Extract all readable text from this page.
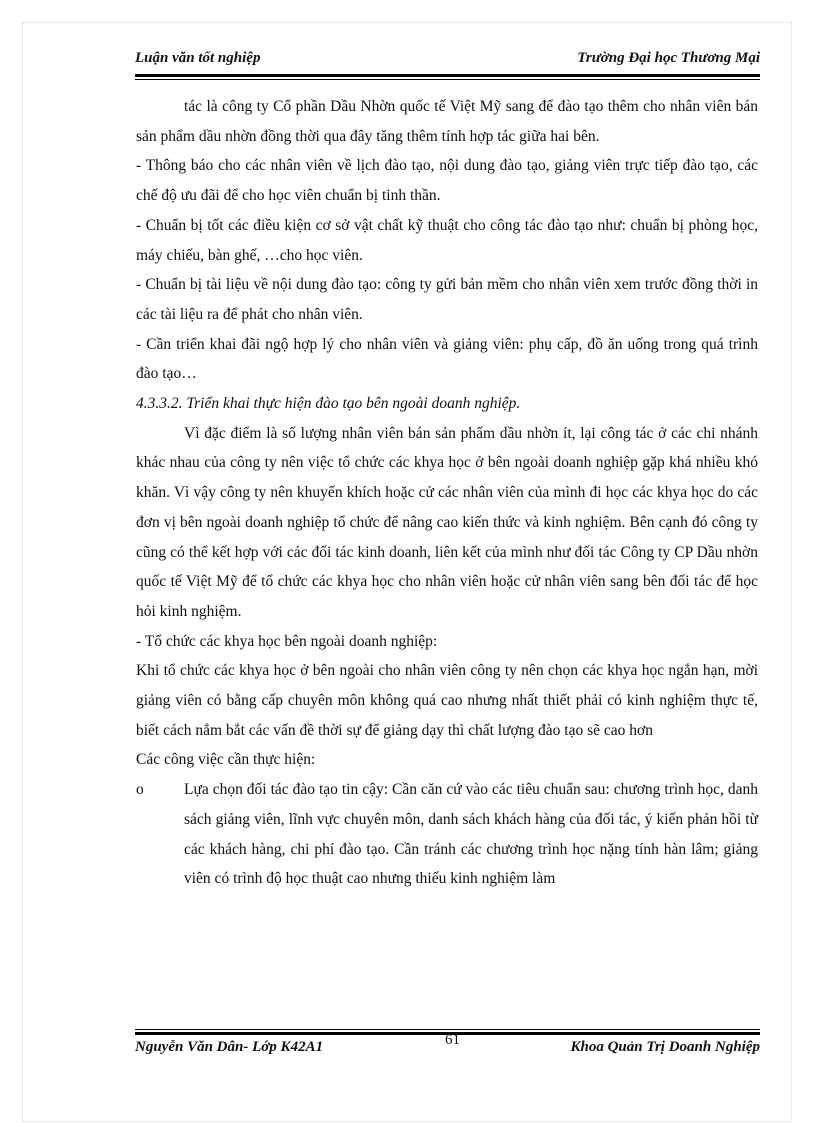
Luận văn tốt nghiệp	Trường Đại học Thương Mại

tác là công ty Cổ phần Dầu Nhờn quốc tế Việt Mỹ sang để đào tạo thêm cho nhân viên bán sản phẩm dầu nhờn đồng thời qua đây tăng thêm tính hợp tác giữa hai bên.

- Thông báo cho các nhân viên về lịch đào tạo, nội dung đào tạo, giảng viên trực tiếp đào tạo, các chế độ ưu đãi để cho học viên chuẩn bị tinh thần.

- Chuẩn bị tốt các điều kiện cơ sở vật chất kỹ thuật cho công tác đào tạo như: chuẩn bị phòng học, máy chiếu, bàn ghế, …cho học viên.

- Chuẩn bị tài liệu về nội dung đào tạo: công ty gửi bản mềm cho nhân viên xem trước đồng thời in các tài liệu ra để phát cho nhân viên.

- Cần triển khai đãi ngộ hợp lý cho nhân viên và giảng viên: phụ cấp, đồ ăn uống trong quá trình đào tạo…

4.3.3.2. Triển khai thực hiện đào tạo bên ngoài doanh nghiệp.

Vì đặc điểm là số lượng nhân viên bán sản phẩm dầu nhờn ít, lại công tác ở các chi nhánh khác nhau của công ty nên việc tổ chức các khya học ở bên ngoài doanh nghiệp gặp khá nhiều khó khăn. Vì vậy công ty nên khuyến khích hoặc cử các nhân viên của mình đi học các khya học do các đơn vị bên ngoài doanh nghiệp tổ chức để nâng cao kiến thức và kinh nghiệm. Bên cạnh đó công ty cũng có thể kết hợp với các đối tác kinh doanh, liên kết của mình như đối tác Công ty CP Dầu nhờn quốc tế Việt Mỹ để tổ chức các khya học cho nhân viên hoặc cử nhân viên sang bên đối tác để học hỏi kinh nghiệm.

- Tổ chức các khya học bên ngoài doanh nghiệp:

Khi tổ chức các khya học ở bên ngoài cho nhân viên công ty nên chọn các khya học ngắn hạn, mời giảng viên có bằng cấp chuyên môn không quá cao nhưng nhất thiết phải có kinh nghiệm thực tế, biết cách nắm bắt các vấn đề thời sự để giảng dạy thì chất lượng đào tạo sẽ cao hơn

Các công việc cần thực hiện:

o	Lựa chọn đối tác đào tạo tin cậy: Cần căn cứ vào các tiêu chuẩn sau: chương trình học, danh sách giảng viên, lĩnh vực chuyên môn, danh sách khách hàng của đối tác, ý kiến phản hồi từ các khách hàng, chi phí đào tạo. Cần tránh các chương trình học nặng tính hàn lâm; giảng viên có trình độ học thuật cao nhưng thiếu kinh nghiệm làm
Nguyễn Văn Dân- Lớp K42A1	61	Khoa Quản Trị Doanh Nghiệp
